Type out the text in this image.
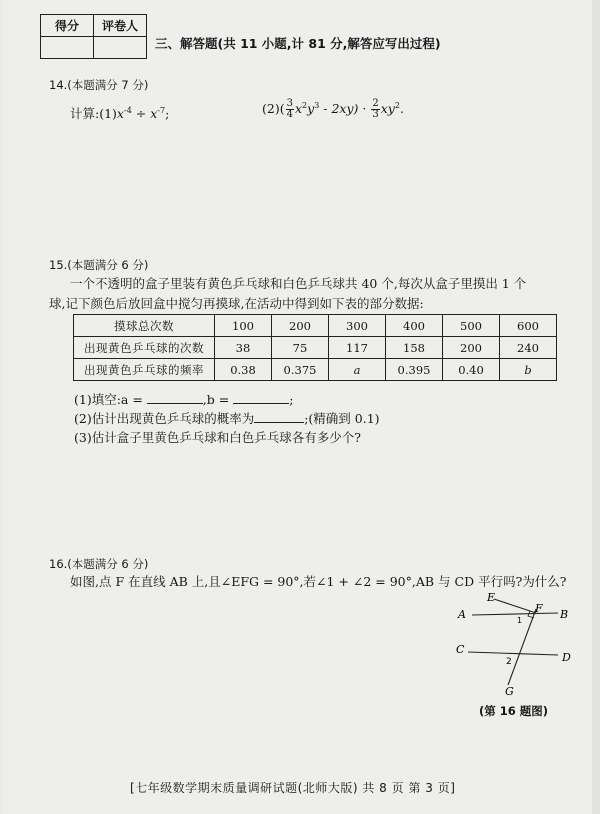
得分	评卷人

三、解答题(共 11 小题,计 81 分,解答应写出过程)
14.(本题满分 7 分)
计算$:(1)x^{-4} \div x^{-7}$;	$(2)( \frac{3}{4} x^2y^3 - 2xy) \cdot \frac{2}{3} xy^2$.
15.(本题满分 6 分)
一个不透明的盒子里装有黄色乒乓球和白色乒乓球共 40 个,每次从盒子里摸出 1 个
球,记下颜色后放回盒中搅匀再摸球,在活动中得到如下表的部分数据:
摸球总次数	100	200	300	400	500	600
出现黄色乒乓球的次数	38	75	117	158	200	240
出现黄色乒乓球的频率	0.38	0.375	a	0.395	0.40	b
(1)填空:a =	,b =	;
(2)估计出现黄色乒乓球的概率为	;(精确到 0.1)
(3)估计盒子里黄色乒乓球和白色乒乓球各有多少个?
16.(本题满分 6 分)
如图,点 F 在直线 AB 上,且∠EFG = 90°,若∠1 + ∠2 = 90°,AB 与 CD 平行吗?为什么?
A	B
C
D
E
F
G
1
2
(第 16 题图)
[七年级数学期末质量调研试题(北师大版) 共 8 页 第 3 页]
